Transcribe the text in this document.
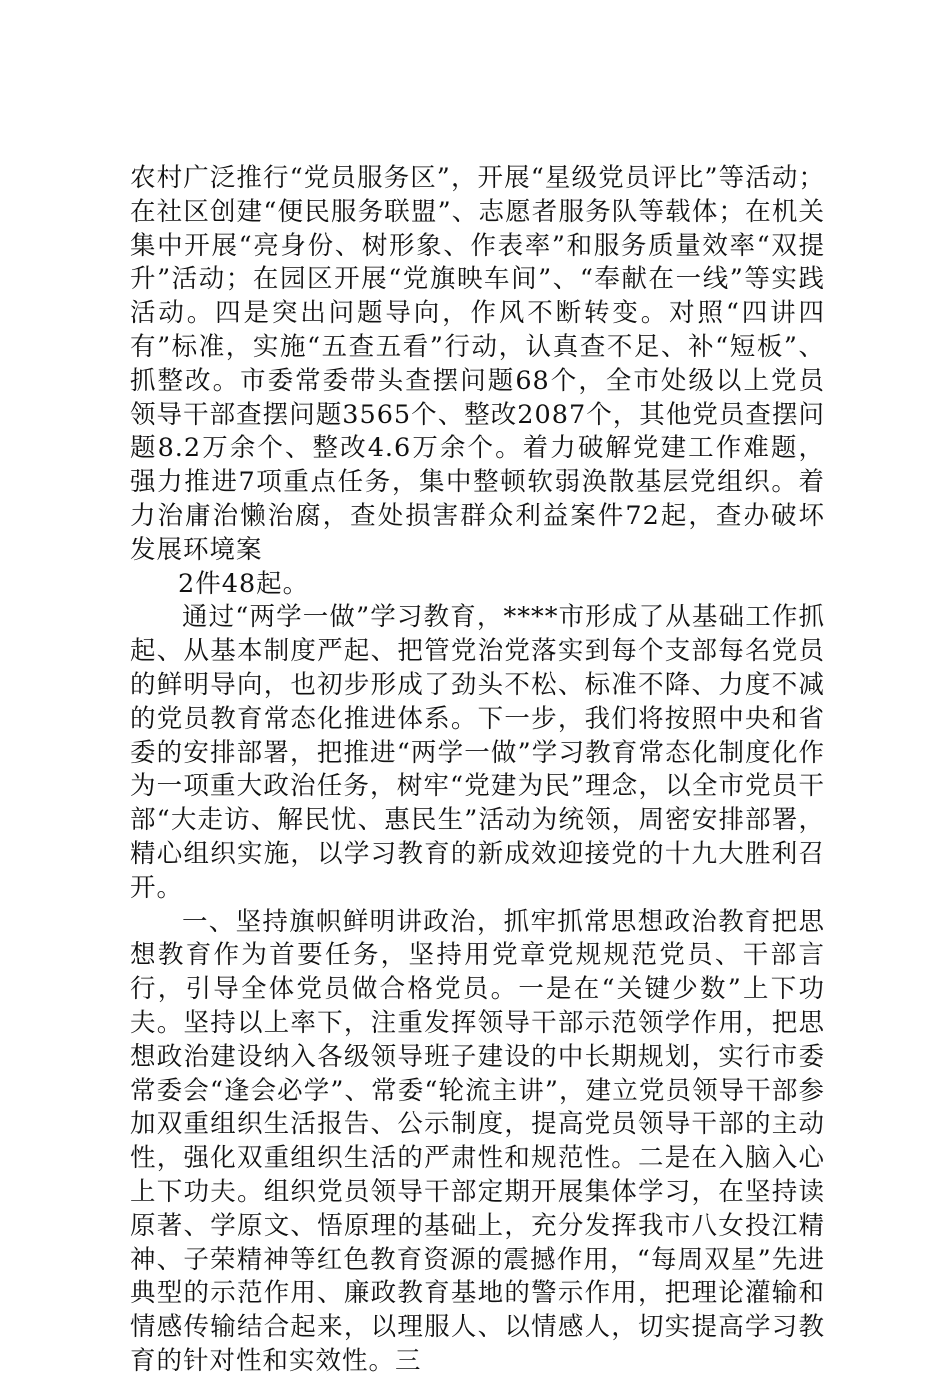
农村广泛推行“党员服务区”，开展“星级党员评比”等活动；在社区创建“便民服务联盟”、志愿者服务队等载体；在机关集中开展“亮身份、树形象、作表率”和服务质量效率“双提升”活动；在园区开展“党旗映车间”、“奉献在一线”等实践活动。四是突出问题导向，作风不断转变。对照“四讲四有”标准，实施“五查五看”行动，认真查不足、补“短板”、抓整改。市委常委带头查摆问题68个，全市处级以上党员领导干部查摆问题3565个、整改2087个，其他党员查摆问题8.2万余个、整改4.6万余个。着力破解党建工作难题，强力推进7项重点任务，集中整顿软弱涣散基层党组织。着力治庸治懒治腐，查处损害群众利益案件72起，查办破坏发展环境案

2件48起。

通过“两学一做”学习教育，****市形成了从基础工作抓起、从基本制度严起、把管党治党落实到每个支部每名党员的鲜明导向，也初步形成了劲头不松、标准不降、力度不减的党员教育常态化推进体系。下一步，我们将按照中央和省委的安排部署，把推进“两学一做”学习教育常态化制度化作为一项重大政治任务，树牢“党建为民”理念，以全市党员干部“大走访、解民忧、惠民生”活动为统领，周密安排部署，精心组织实施，以学习教育的新成效迎接党的十九大胜利召开。

一、坚持旗帜鲜明讲政治，抓牢抓常思想政治教育把思想教育作为首要任务，坚持用党章党规规范党员、干部言行，引导全体党员做合格党员。一是在“关键少数”上下功夫。坚持以上率下，注重发挥领导干部示范领学作用，把思想政治建设纳入各级领导班子建设的中长期规划，实行市委常委会“逢会必学”、常委“轮流主讲”，建立党员领导干部参加双重组织生活报告、公示制度，提高党员领导干部的主动性，强化双重组织生活的严肃性和规范性。二是在入脑入心上下功夫。组织党员领导干部定期开展集体学习，在坚持读原著、学原文、悟原理的基础上，充分发挥我市八女投江精神、子荣精神等红色教育资源的震撼作用，“每周双星”先进典型的示范作用、廉政教育基地的警示作用，把理论灌输和情感传输结合起来，以理服人、以情感人，切实提高学习教育的针对性和实效性。三
